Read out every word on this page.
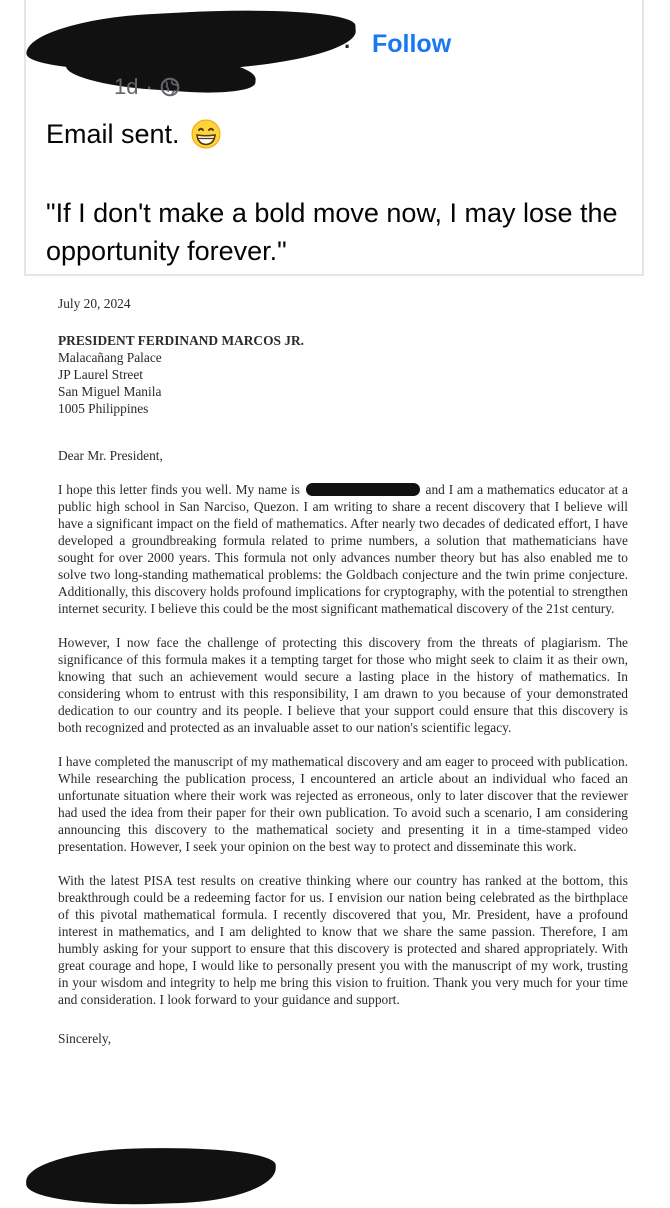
· Follow
1d ·
Email sent.
"If I don't make a bold move now, I may lose the opportunity forever."
July 20, 2024
PRESIDENT FERDINAND MARCOS JR.
Malacañang Palace
JP Laurel Street
San Miguel Manila
1005 Philippines
Dear Mr. President,
I hope this letter finds you well. My name is	and I am a mathematics educator at a public high school in San Narciso, Quezon. I am writing to share a recent discovery that I believe will have a significant impact on the field of mathematics. After nearly two decades of dedicated effort, I have developed a groundbreaking formula related to prime numbers, a solution that mathematicians have sought for over 2000 years. This formula not only advances number theory but has also enabled me to solve two long-standing mathematical problems: the Goldbach conjecture and the twin prime conjecture. Additionally, this discovery holds profound implications for cryptography, with the potential to strengthen internet security. I believe this could be the most significant mathematical discovery of the 21st century.
However, I now face the challenge of protecting this discovery from the threats of plagiarism. The significance of this formula makes it a tempting target for those who might seek to claim it as their own, knowing that such an achievement would secure a lasting place in the history of mathematics. In considering whom to entrust with this responsibility, I am drawn to you because of your demonstrated dedication to our country and its people. I believe that your support could ensure that this discovery is both recognized and protected as an invaluable asset to our nation's scientific legacy.
I have completed the manuscript of my mathematical discovery and am eager to proceed with publication. While researching the publication process, I encountered an article about an individual who faced an unfortunate situation where their work was rejected as erroneous, only to later discover that the reviewer had used the idea from their paper for their own publication. To avoid such a scenario, I am considering announcing this discovery to the mathematical society and presenting it in a time-stamped video presentation. However, I seek your opinion on the best way to protect and disseminate this work.
With the latest PISA test results on creative thinking where our country has ranked at the bottom, this breakthrough could be a redeeming factor for us. I envision our nation being celebrated as the birthplace of this pivotal mathematical formula. I recently discovered that you, Mr. President, have a profound interest in mathematics, and I am delighted to know that we share the same passion. Therefore, I am humbly asking for your support to ensure that this discovery is protected and shared appropriately. With great courage and hope, I would like to personally present you with the manuscript of my work, trusting in your wisdom and integrity to help me bring this vision to fruition. Thank you very much for your time and consideration. I look forward to your guidance and support.
Sincerely,
